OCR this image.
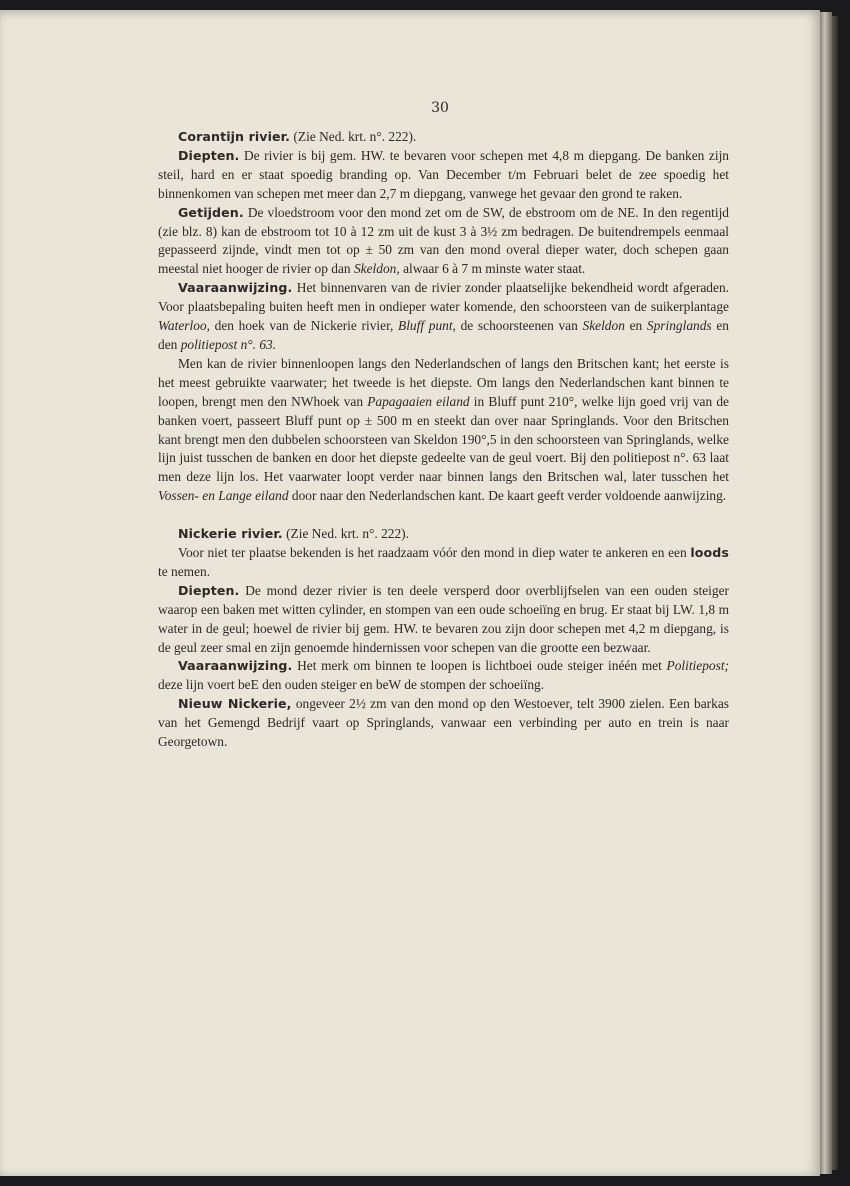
30

Corantijn rivier. (Zie Ned. krt. n°. 222).

Diepten. De rivier is bij gem. HW. te bevaren voor schepen met 4,8 m diepgang. De banken zijn steil, hard en er staat spoedig branding op. Van December t/m Februari belet de zee spoedig het binnenkomen van schepen met meer dan 2,7 m diepgang, vanwege het gevaar den grond te raken.

Getijden. De vloedstroom voor den mond zet om de SW, de ebstroom om de NE. In den regentijd (zie blz. 8) kan de ebstroom tot 10 à 12 zm uit de kust 3 à 3½ zm bedragen. De buitendrempels eenmaal gepasseerd zijnde, vindt men tot op ± 50 zm van den mond overal dieper water, doch schepen gaan meestal niet hooger de rivier op dan Skeldon, alwaar 6 à 7 m minste water staat.

Vaaraanwijzing. Het binnenvaren van de rivier zonder plaatselijke bekendheid wordt afgeraden. Voor plaatsbepaling buiten heeft men in ondieper water komende, den schoorsteen van de suikerplantage Waterloo, den hoek van de Nickerie rivier, Bluff punt, de schoorsteenen van Skeldon en Springlands en den politiepost n°. 63.

Men kan de rivier binnenloopen langs den Nederlandschen of langs den Britschen kant; het eerste is het meest gebruikte vaarwater; het tweede is het diepste. Om langs den Nederlandschen kant binnen te loopen, brengt men den NWhoek van Papagaaien eiland in Bluff punt 210°, welke lijn goed vrij van de banken voert, passeert Bluff punt op ± 500 m en steekt dan over naar Springlands. Voor den Britschen kant brengt men den dubbelen schoorsteen van Skeldon 190°,5 in den schoorsteen van Springlands, welke lijn juist tusschen de banken en door het diepste gedeelte van de geul voert. Bij den politiepost n°. 63 laat men deze lijn los. Het vaarwater loopt verder naar binnen langs den Britschen wal, later tusschen het Vossen- en Lange eiland door naar den Nederlandschen kant. De kaart geeft verder voldoende aanwijzing.

Nickerie rivier. (Zie Ned. krt. n°. 222).

Voor niet ter plaatse bekenden is het raadzaam vóór den mond in diep water te ankeren en een loods te nemen.

Diepten. De mond dezer rivier is ten deele versperd door overblijfselen van een ouden steiger waarop een baken met witten cylinder, en stompen van een oude schoeiïng en brug. Er staat bij LW. 1,8 m water in de geul; hoewel de rivier bij gem. HW. te bevaren zou zijn door schepen met 4,2 m diepgang, is de geul zeer smal en zijn genoemde hindernissen voor schepen van die grootte een bezwaar.

Vaaraanwijzing. Het merk om binnen te loopen is lichtboei oude steiger inéén met Politiepost; deze lijn voert beE den ouden steiger en beW de stompen der schoeiïng.

Nieuw Nickerie, ongeveer 2½ zm van den mond op den Westoever, telt 3900 zielen. Een barkas van het Gemengd Bedrijf vaart op Springlands, vanwaar een verbinding per auto en trein is naar Georgetown.
